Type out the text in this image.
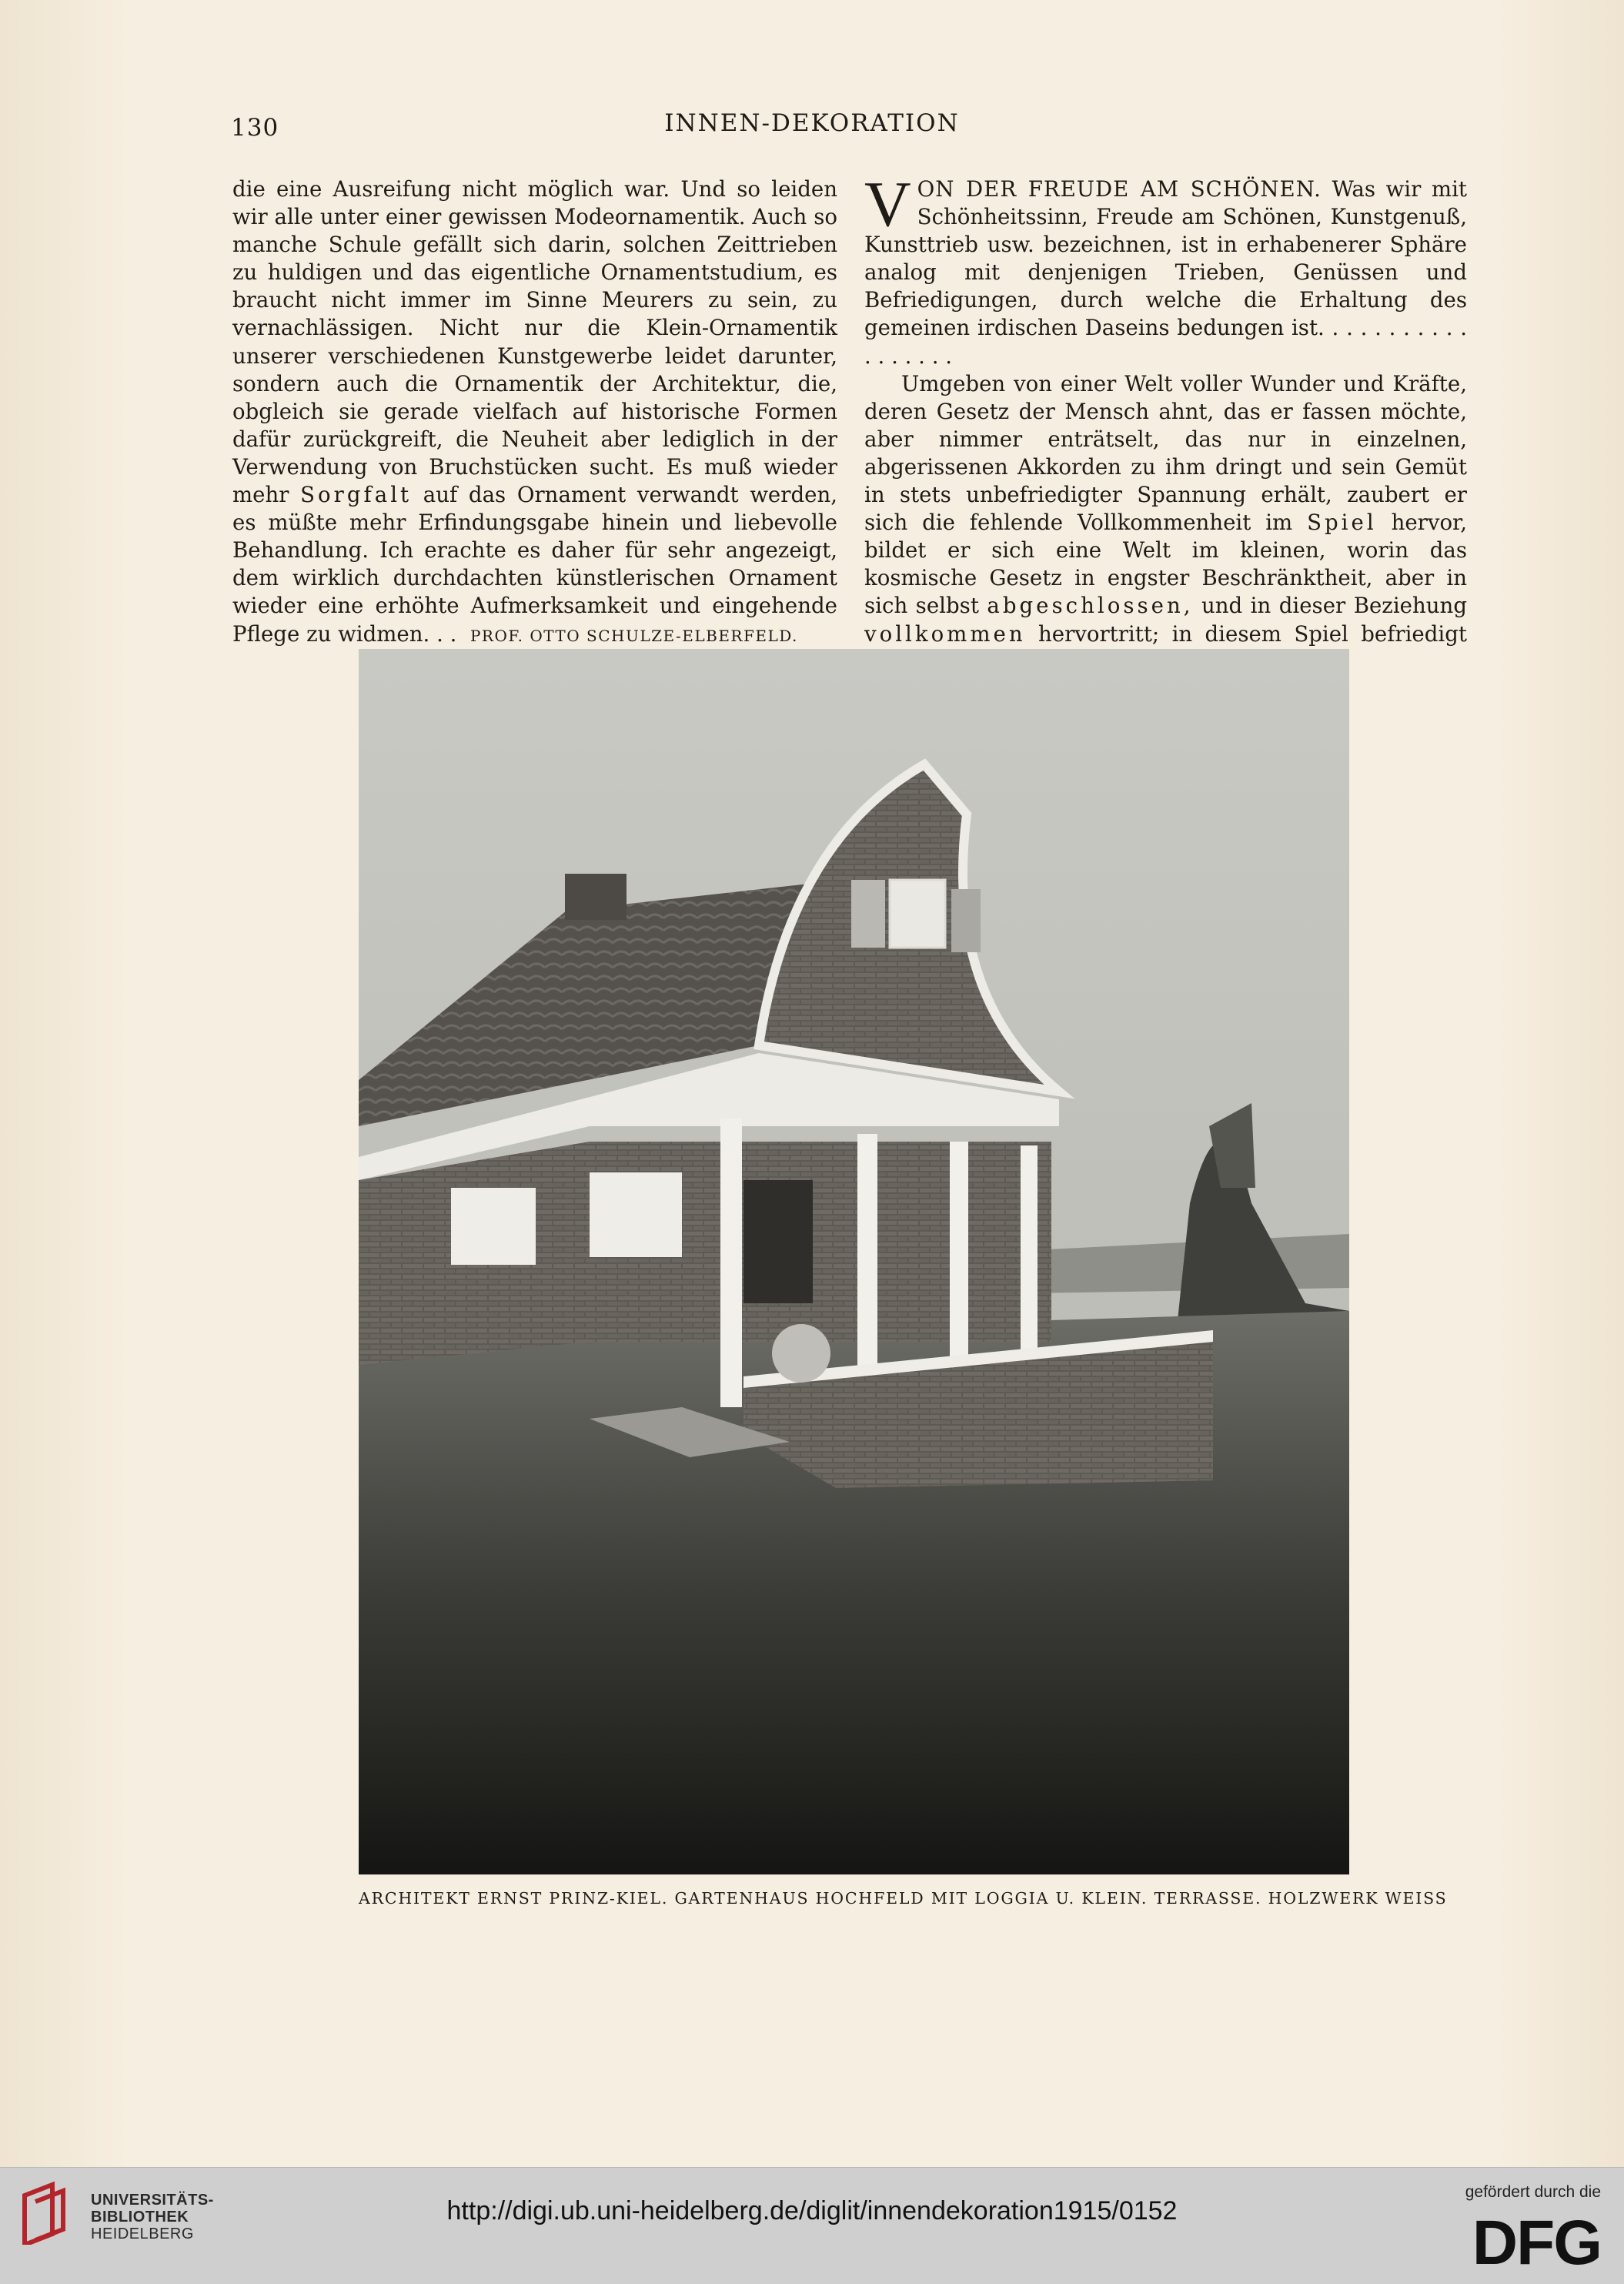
130	INNEN-DEKORATION

die eine Ausreifung nicht möglich war. Und so leiden wir alle unter einer gewissen Modeornamentik. Auch so manche Schule gefällt sich darin, solchen Zeittrieben zu huldigen und das eigentliche Ornamentstudium, es braucht nicht immer im Sinne Meurers zu sein, zu vernachlässigen. Nicht nur die Klein-Ornamentik unserer verschiedenen Kunstgewerbe leidet darunter, sondern auch die Ornamentik der Architektur, die, obgleich sie gerade vielfach auf historische Formen dafür zurückgreift, die Neuheit aber lediglich in der Verwendung von Bruchstücken sucht. Es muß wieder mehr Sorgfalt auf das Ornament verwandt werden, es müßte mehr Erfindungsgabe hinein und liebevolle Behandlung. Ich erachte es daher für sehr angezeigt, dem wirklich durchdachten künstlerischen Ornament wieder eine erhöhte Aufmerksamkeit und eingehende Pflege zu widmen. . . PROF. OTTO SCHULZE-ELBERFELD.

VON DER FREUDE AM SCHÖNEN. Was wir mit Schönheitssinn, Freude am Schönen, Kunstgenuß, Kunsttrieb usw. bezeichnen, ist in erhabenerer Sphäre analog mit denjenigen Trieben, Genüssen und Befriedigungen, durch welche die Erhaltung des gemeinen irdischen Daseins bedungen ist. . . . . . . . . . . . . . . . . .

Umgeben von einer Welt voller Wunder und Kräfte, deren Gesetz der Mensch ahnt, das er fassen möchte, aber nimmer enträtselt, das nur in einzelnen, abgerissenen Akkorden zu ihm dringt und sein Gemüt in stets unbefriedigter Spannung erhält, zaubert er sich die fehlende Vollkommenheit im Spiel hervor, bildet er sich eine Welt im kleinen, worin das kosmische Gesetz in engster Beschränktheit, aber in sich selbst abgeschlossen, und in dieser Beziehung vollkommen hervortritt; in diesem Spiel befriedigt

ARCHITEKT ERNST PRINZ-KIEL. GARTENHAUS HOCHFELD MIT LOGGIA U. KLEIN. TERRASSE. HOLZWERK WEISS
UNIVERSITÄTS-
BIBLIOTHEK
HEIDELBERG
http://digi.ub.uni-heidelberg.de/diglit/innendekoration1915/0152
gefördert durch die
DFG
